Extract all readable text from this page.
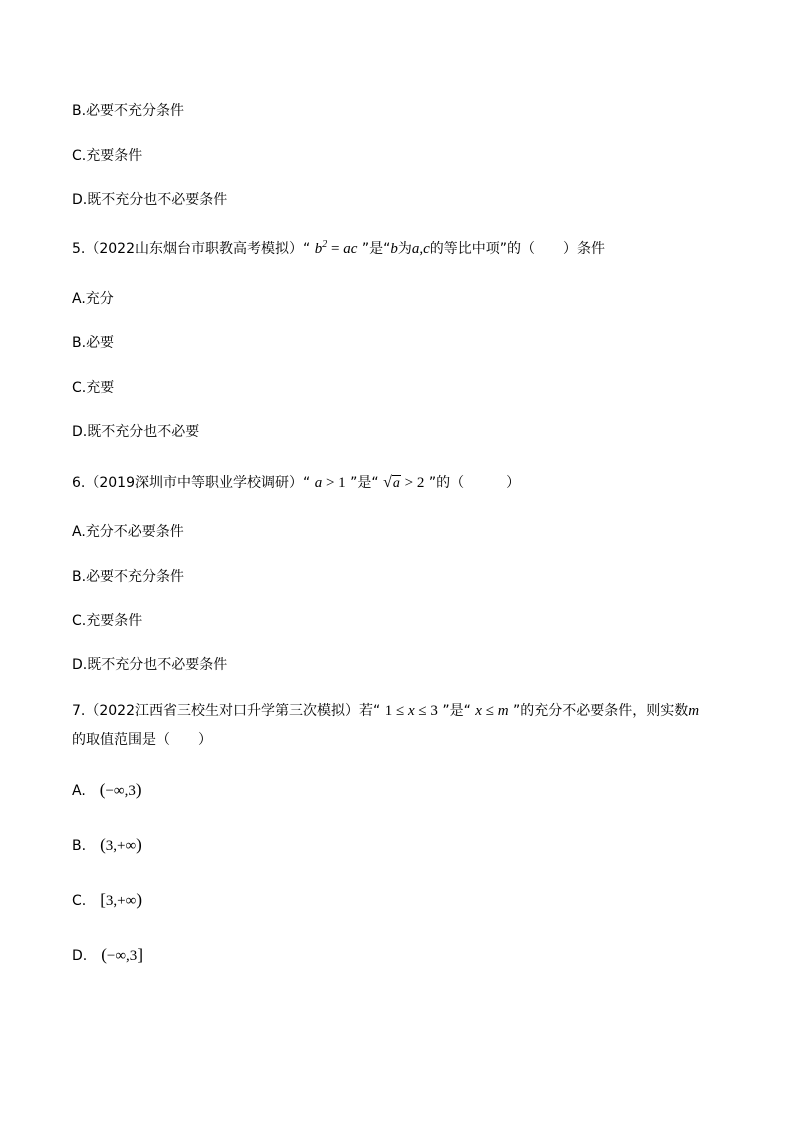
B.必要不充分条件
C.充要条件
D.既不充分也不必要条件
5.（2022山东烟台市职教高考模拟）“ $b^2$ = ac ”是“b为a,c的等比中项”的（　　）条件
A.充分
B.必要
C.充要
D.既不充分也不必要
6.（2019深圳市中等职业学校调研）“ a > 1 ”是“ √a > 2 ”的（　　　）
A.充分不必要条件
B.必要不充分条件
C.充要条件
D.既不充分也不必要条件
7.（2022江西省三校生对口升学第三次模拟）若“ 1 ≤ x ≤ 3 ”是“ x ≤ m ”的充分不必要条件，则实数m
的取值范围是（　　）
A. (−∞,3)
B. (3,+∞)
C. [3,+∞)
D. (−∞,3]
